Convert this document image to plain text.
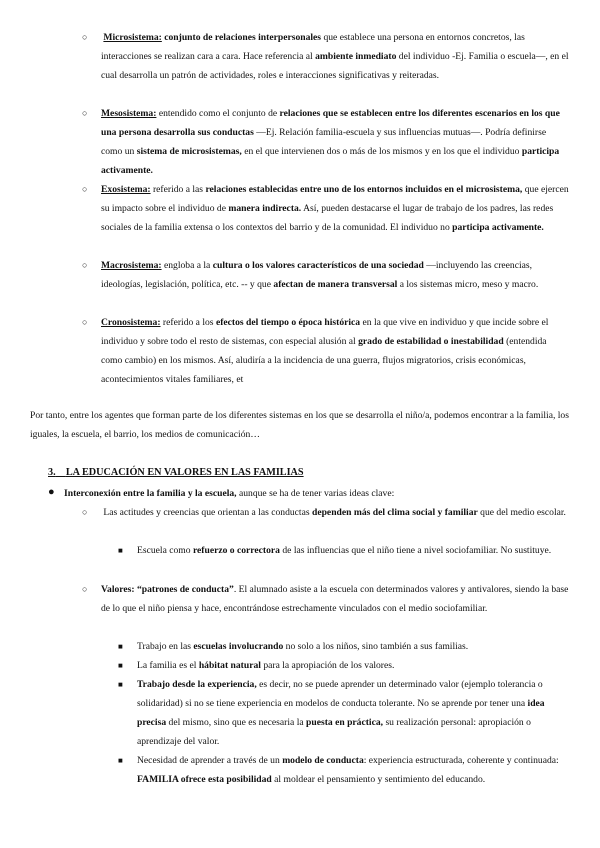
○ Microsistema: conjunto de relaciones interpersonales que establece una persona en entornos concretos, las interacciones se realizan cara a cara. Hace referencia al ambiente inmediato del individuo -Ej. Familia o escuela—, en el cual desarrolla un patrón de actividades, roles e interacciones significativas y reiteradas.
○ Mesosistema: entendido como el conjunto de relaciones que se establecen entre los diferentes escenarios en los que una persona desarrolla sus conductas —Ej. Relación familia-escuela y sus influencias mutuas—. Podría definirse como un sistema de microsistemas, en el que intervienen dos o más de los mismos y en los que el individuo participa activamente.
○ Exosistema: referido a las relaciones establecidas entre uno de los entornos incluidos en el microsistema, que ejercen su impacto sobre el individuo de manera indirecta. Así, pueden destacarse el lugar de trabajo de los padres, las redes sociales de la familia extensa o los contextos del barrio y de la comunidad. El individuo no participa activamente.
○ Macrosistema: engloba a la cultura o los valores característicos de una sociedad —incluyendo las creencias, ideologías, legislación, política, etc. -- y que afectan de manera transversal a los sistemas micro, meso y macro.
○ Cronosistema: referido a los efectos del tiempo o época histórica en la que vive en individuo y que incide sobre el individuo y sobre todo el resto de sistemas, con especial alusión al grado de estabilidad o inestabilidad (entendida como cambio) en los mismos. Así, aludiría a la incidencia de una guerra, flujos migratorios, crisis económicas, acontecimientos vitales familiares, et
Por tanto, entre los agentes que forman parte de los diferentes sistemas en los que se desarrolla el niño/a, podemos encontrar a la familia, los iguales, la escuela, el barrio, los medios de comunicación…
3. LA EDUCACIÓN EN VALORES EN LAS FAMILIAS
● Interconexión entre la familia y la escuela, aunque se ha de tener varias ideas clave:
○ Las actitudes y creencias que orientan a las conductas dependen más del clima social y familiar que del medio escolar.
■ Escuela como refuerzo o correctora de las influencias que el niño tiene a nivel sociofamiliar. No sustituye.
○ Valores: “patrones de conducta”. El alumnado asiste a la escuela con determinados valores y antivalores, siendo la base de lo que el niño piensa y hace, encontrándose estrechamente vinculados con el medio sociofamiliar.
■ Trabajo en las escuelas involucrando no solo a los niños, sino también a sus familias.
■ La familia es el hábitat natural para la apropiación de los valores.
■ Trabajo desde la experiencia, es decir, no se puede aprender un determinado valor (ejemplo tolerancia o solidaridad) si no se tiene experiencia en modelos de conducta tolerante. No se aprende por tener una idea precisa del mismo, sino que es necesaria la puesta en práctica, su realización personal: apropiación o aprendizaje del valor.
■ Necesidad de aprender a través de un modelo de conducta: experiencia estructurada, coherente y continuada: FAMILIA ofrece esta posibilidad al moldear el pensamiento y sentimiento del educando.
